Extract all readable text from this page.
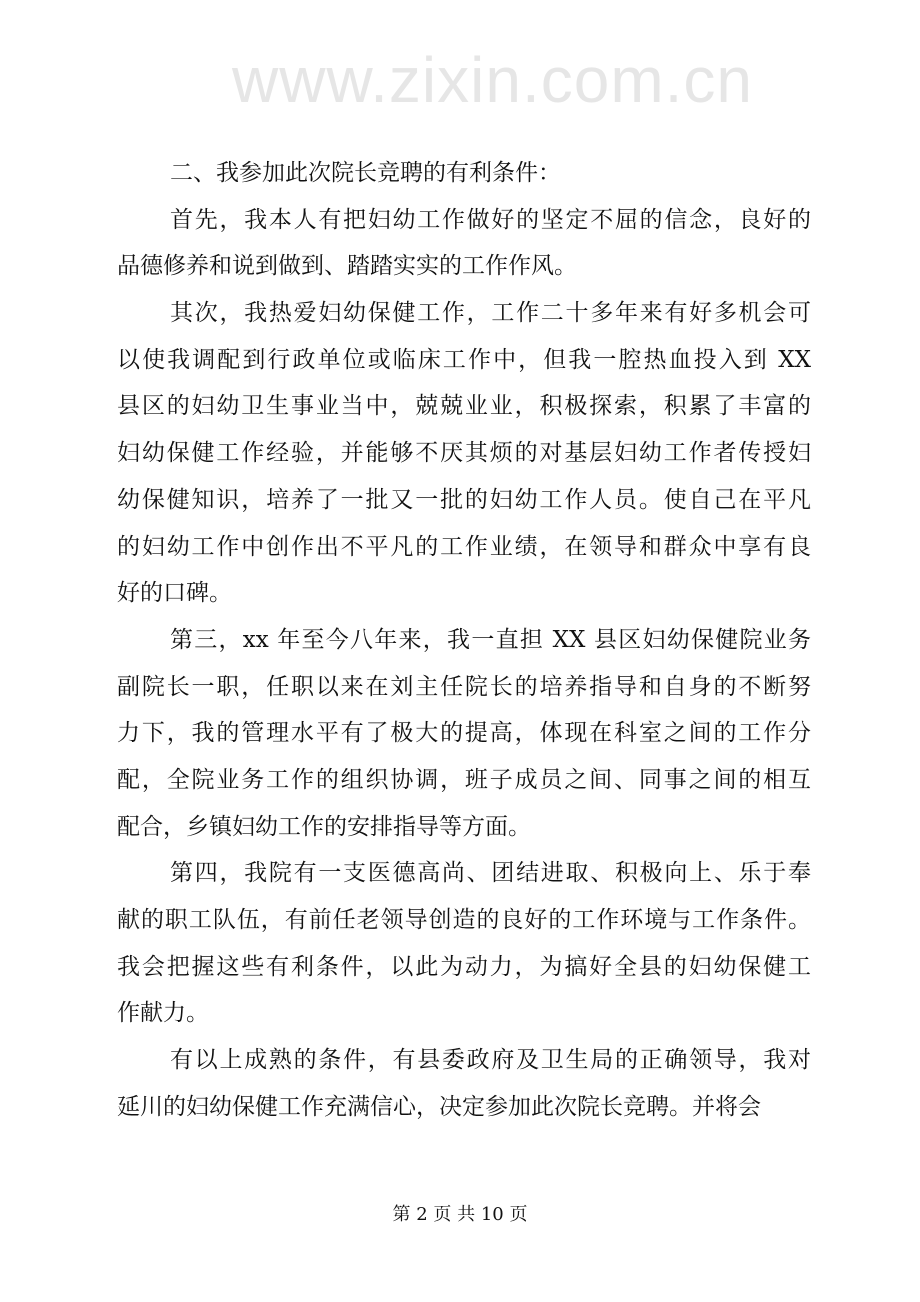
www.zixin.com.cn
二、我参加此次院长竞聘的有利条件：
首先，我本人有把妇幼工作做好的坚定不屈的信念，良好的
品德修养和说到做到、踏踏实实的工作作风。
其次，我热爱妇幼保健工作，工作二十多年来有好多机会可
以使我调配到行政单位或临床工作中，但我一腔热血投入到 XX
县区的妇幼卫生事业当中，兢兢业业，积极探索，积累了丰富的
妇幼保健工作经验，并能够不厌其烦的对基层妇幼工作者传授妇
幼保健知识，培养了一批又一批的妇幼工作人员。使自己在平凡
的妇幼工作中创作出不平凡的工作业绩，在领导和群众中享有良
好的口碑。
第三，xx 年至今八年来，我一直担 XX 县区妇幼保健院业务
副院长一职，任职以来在刘主任院长的培养指导和自身的不断努
力下，我的管理水平有了极大的提高，体现在科室之间的工作分
配，全院业务工作的组织协调，班子成员之间、同事之间的相互
配合，乡镇妇幼工作的安排指导等方面。
第四，我院有一支医德高尚、团结进取、积极向上、乐于奉
献的职工队伍，有前任老领导创造的良好的工作环境与工作条件。
我会把握这些有利条件，以此为动力，为搞好全县的妇幼保健工
作献力。
有以上成熟的条件，有县委政府及卫生局的正确领导，我对
延川的妇幼保健工作充满信心，决定参加此次院长竞聘。并将会
第 2 页 共 10 页
